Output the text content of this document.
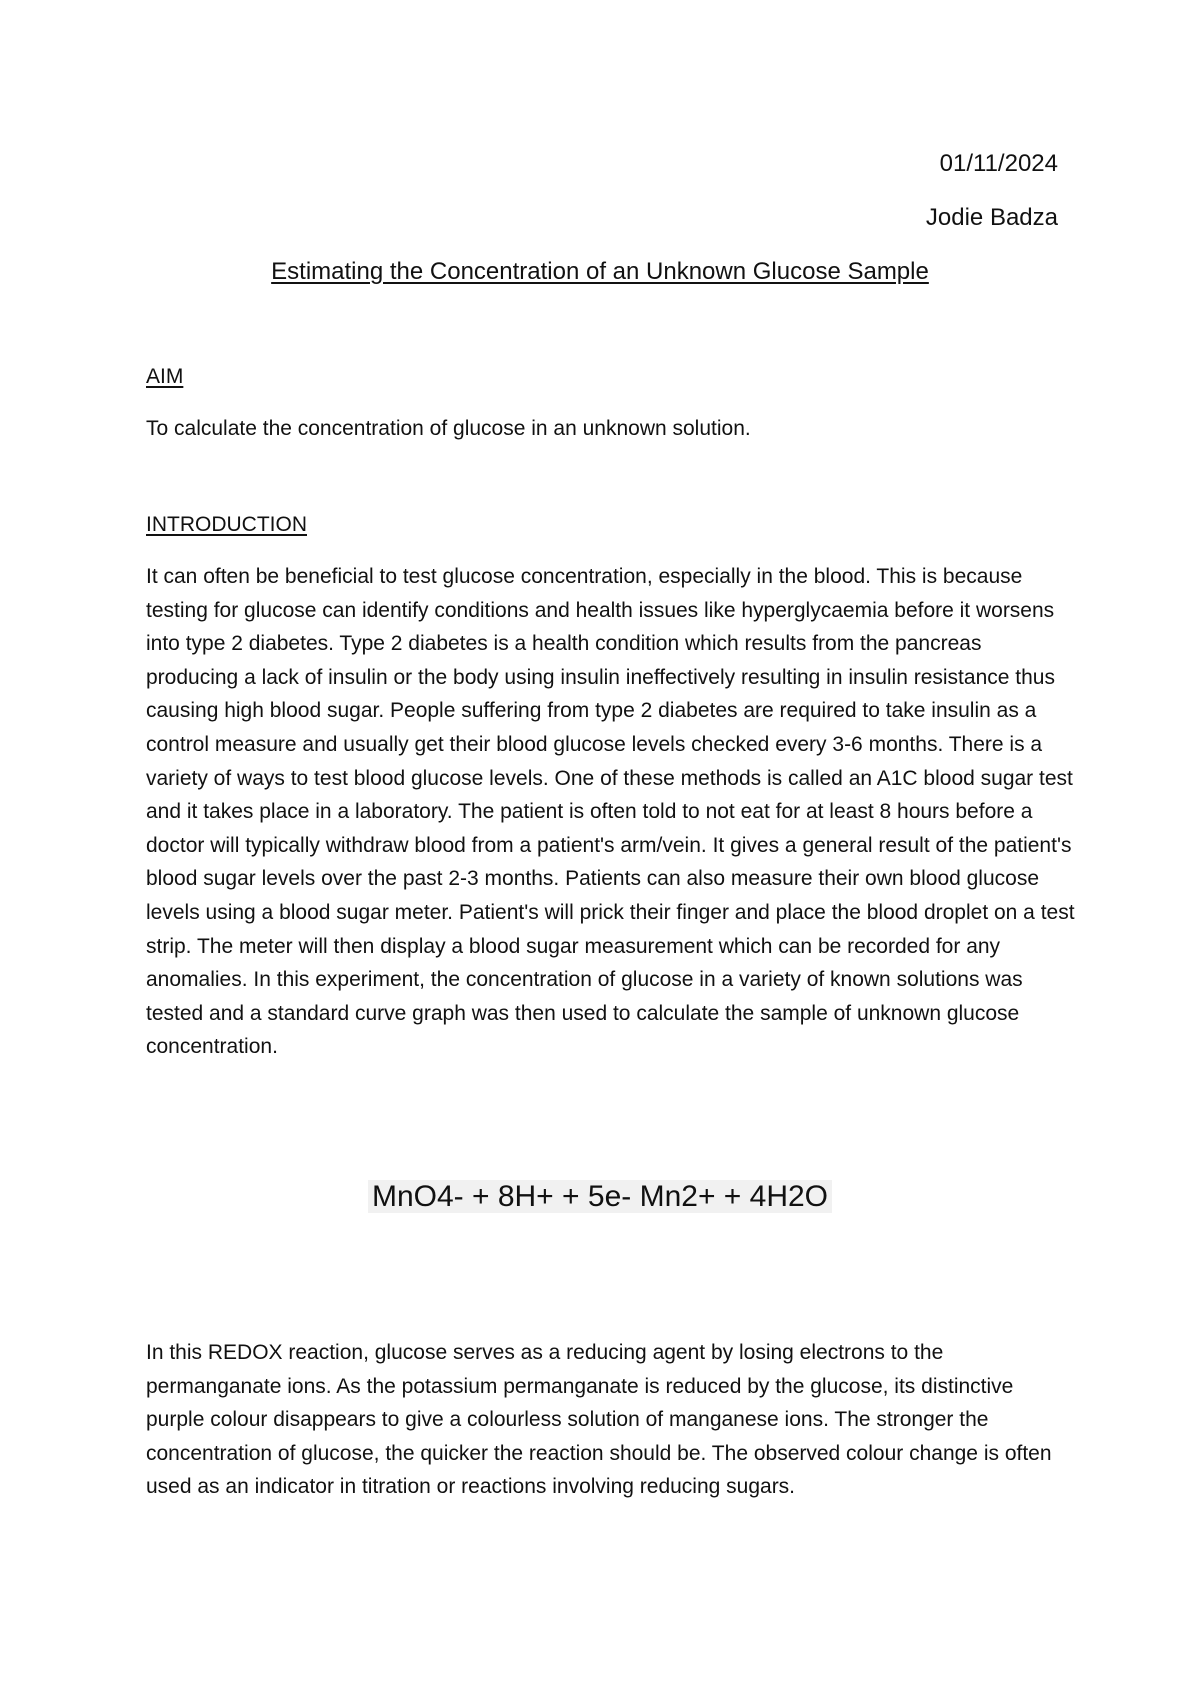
01/11/2024
Jodie Badza
Estimating the Concentration of an Unknown Glucose Sample
AIM
To calculate the concentration of glucose in an unknown solution.
INTRODUCTION
It can often be beneficial to test glucose concentration, especially in the blood. This is because testing for glucose can identify conditions and health issues like hyperglycaemia before it worsens into type 2 diabetes. Type 2 diabetes is a health condition which results from the pancreas producing a lack of insulin or the body using insulin ineffectively resulting in insulin resistance thus causing high blood sugar. People suffering from type 2 diabetes are required to take insulin as a control measure and usually get their blood glucose levels checked every 3-6 months. There is a variety of ways to test blood glucose levels. One of these methods is called an A1C blood sugar test and it takes place in a laboratory. The patient is often told to not eat for at least 8 hours before a doctor will typically withdraw blood from a patient's arm/vein. It gives a general result of the patient's blood sugar levels over the past 2-3 months. Patients can also measure their own blood glucose levels using a blood sugar meter. Patient's will prick their finger and place the blood droplet on a test strip. The meter will then display a blood sugar measurement which can be recorded for any anomalies. In this experiment, the concentration of glucose in a variety of known solutions was tested and a standard curve graph was then used to calculate the sample of unknown glucose concentration.
MnO4- + 8H+ + 5e- Mn2+ + 4H2O
In this REDOX reaction, glucose serves as a reducing agent by losing electrons to the permanganate ions. As the potassium permanganate is reduced by the glucose, its distinctive purple colour disappears to give a colourless solution of manganese ions. The stronger the concentration of glucose, the quicker the reaction should be. The observed colour change is often used as an indicator in titration or reactions involving reducing sugars.
